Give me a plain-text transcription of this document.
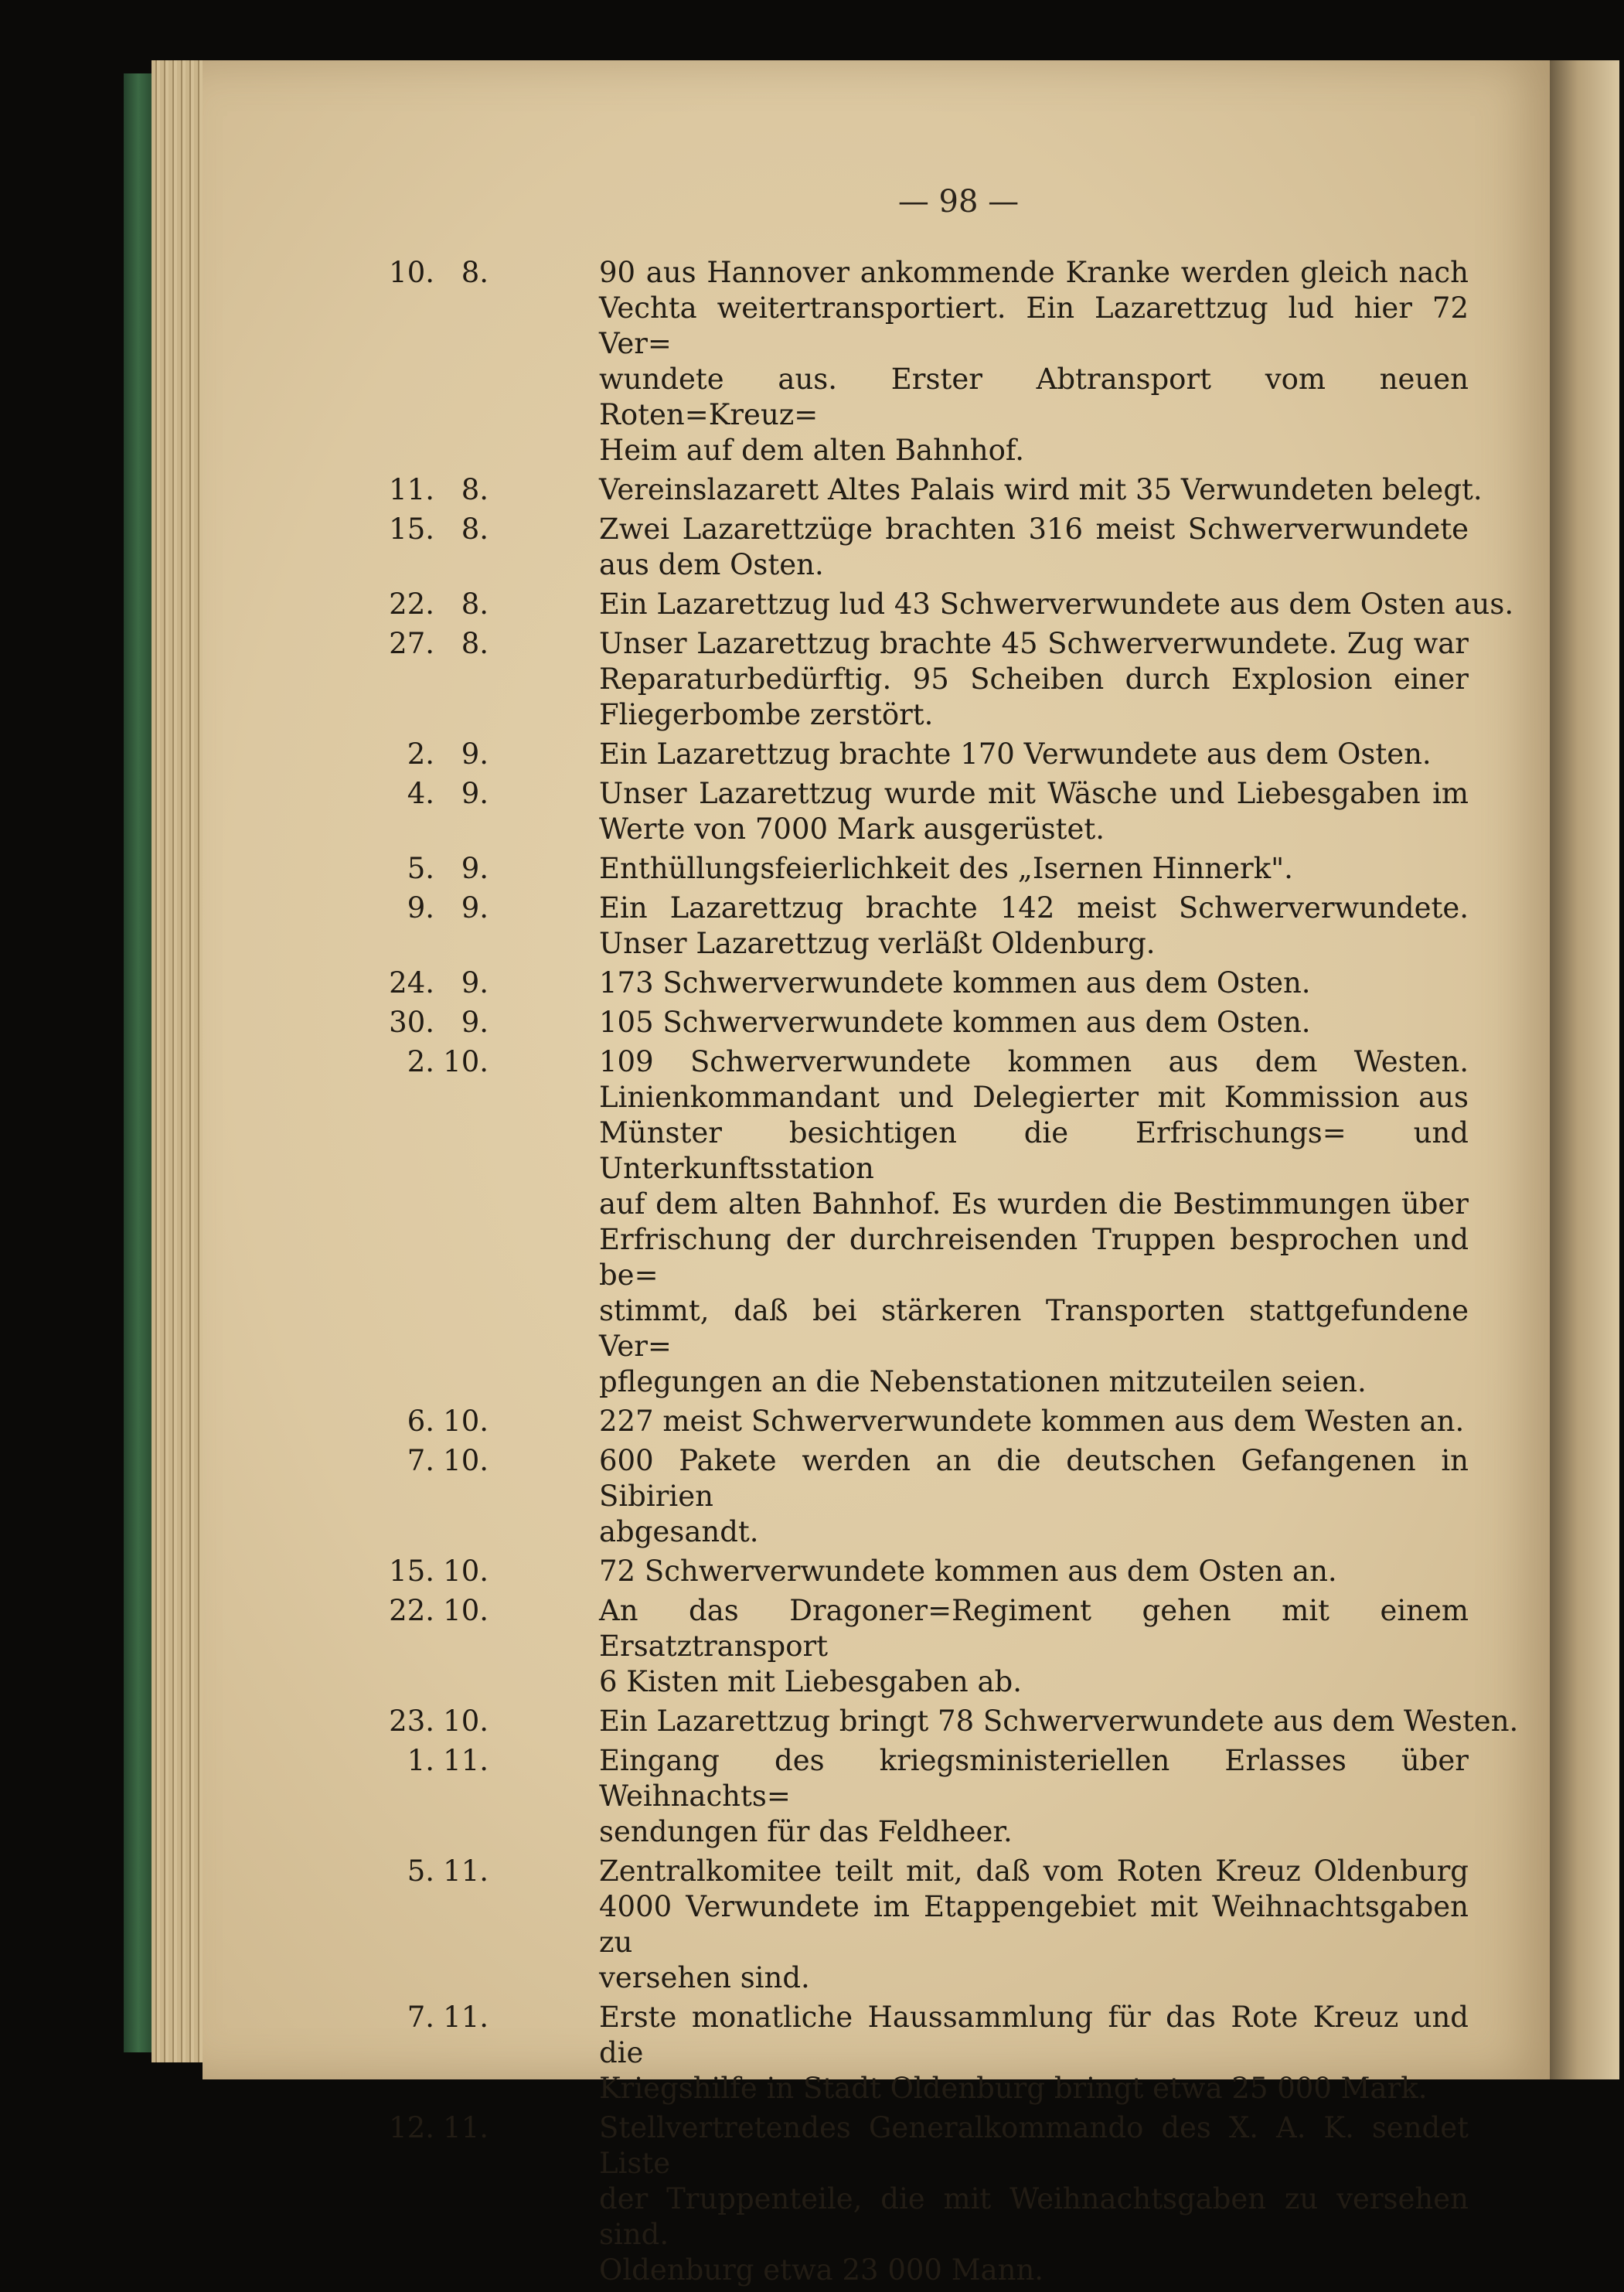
— 98 —
10. 8.	90 aus Hannover ankommende Kranke werden gleich nach
Vechta weitertransportiert. Ein Lazarettzug lud hier 72 Ver=
wundete aus. Erster Abtransport vom neuen Roten=Kreuz=
Heim auf dem alten Bahnhof.
11. 8.	Vereinslazarett Altes Palais wird mit 35 Verwundeten belegt.
15. 8.	Zwei Lazarettzüge brachten 316 meist Schwerverwundete
aus dem Osten.
22. 8.	Ein Lazarettzug lud 43 Schwerverwundete aus dem Osten aus.
27. 8.	Unser Lazarettzug brachte 45 Schwerverwundete. Zug war
Reparaturbedürftig. 95 Scheiben durch Explosion einer
Fliegerbombe zerstört.
2. 9.	Ein Lazarettzug brachte 170 Verwundete aus dem Osten.
4. 9.	Unser Lazarettzug wurde mit Wäsche und Liebesgaben im
Werte von 7000 Mark ausgerüstet.
5. 9.	Enthüllungsfeierlichkeit des „Isernen Hinnerk".
9. 9.	Ein Lazarettzug brachte 142 meist Schwerverwundete.
Unser Lazarettzug verläßt Oldenburg.
24. 9.	173 Schwerverwundete kommen aus dem Osten.
30. 9.	105 Schwerverwundete kommen aus dem Osten.
2. 10.	109 Schwerverwundete kommen aus dem Westen.
Linienkommandant und Delegierter mit Kommission aus
Münster besichtigen die Erfrischungs= und Unterkunftsstation
auf dem alten Bahnhof. Es wurden die Bestimmungen über
Erfrischung der durchreisenden Truppen besprochen und be=
stimmt, daß bei stärkeren Transporten stattgefundene Ver=
pflegungen an die Nebenstationen mitzuteilen seien.
6. 10.	227 meist Schwerverwundete kommen aus dem Westen an.
7. 10.	600 Pakete werden an die deutschen Gefangenen in Sibirien
abgesandt.
15. 10.	72 Schwerverwundete kommen aus dem Osten an.
22. 10.	An das Dragoner=Regiment gehen mit einem Ersatztransport
6 Kisten mit Liebesgaben ab.
23. 10.	Ein Lazarettzug bringt 78 Schwerverwundete aus dem Westen.
1. 11.	Eingang des kriegsministeriellen Erlasses über Weihnachts=
sendungen für das Feldheer.
5. 11.	Zentralkomitee teilt mit, daß vom Roten Kreuz Oldenburg
4000 Verwundete im Etappengebiet mit Weihnachtsgaben zu
versehen sind.
7. 11.	Erste monatliche Haussammlung für das Rote Kreuz und die
Kriegshilfe in Stadt Oldenburg bringt etwa 25 000 Mark.
12. 11.	Stellvertretendes Generalkommando des X. A. K. sendet Liste
der Truppenteile, die mit Weihnachtsgaben zu versehen sind.
Oldenburg etwa 23 000 Mann.
